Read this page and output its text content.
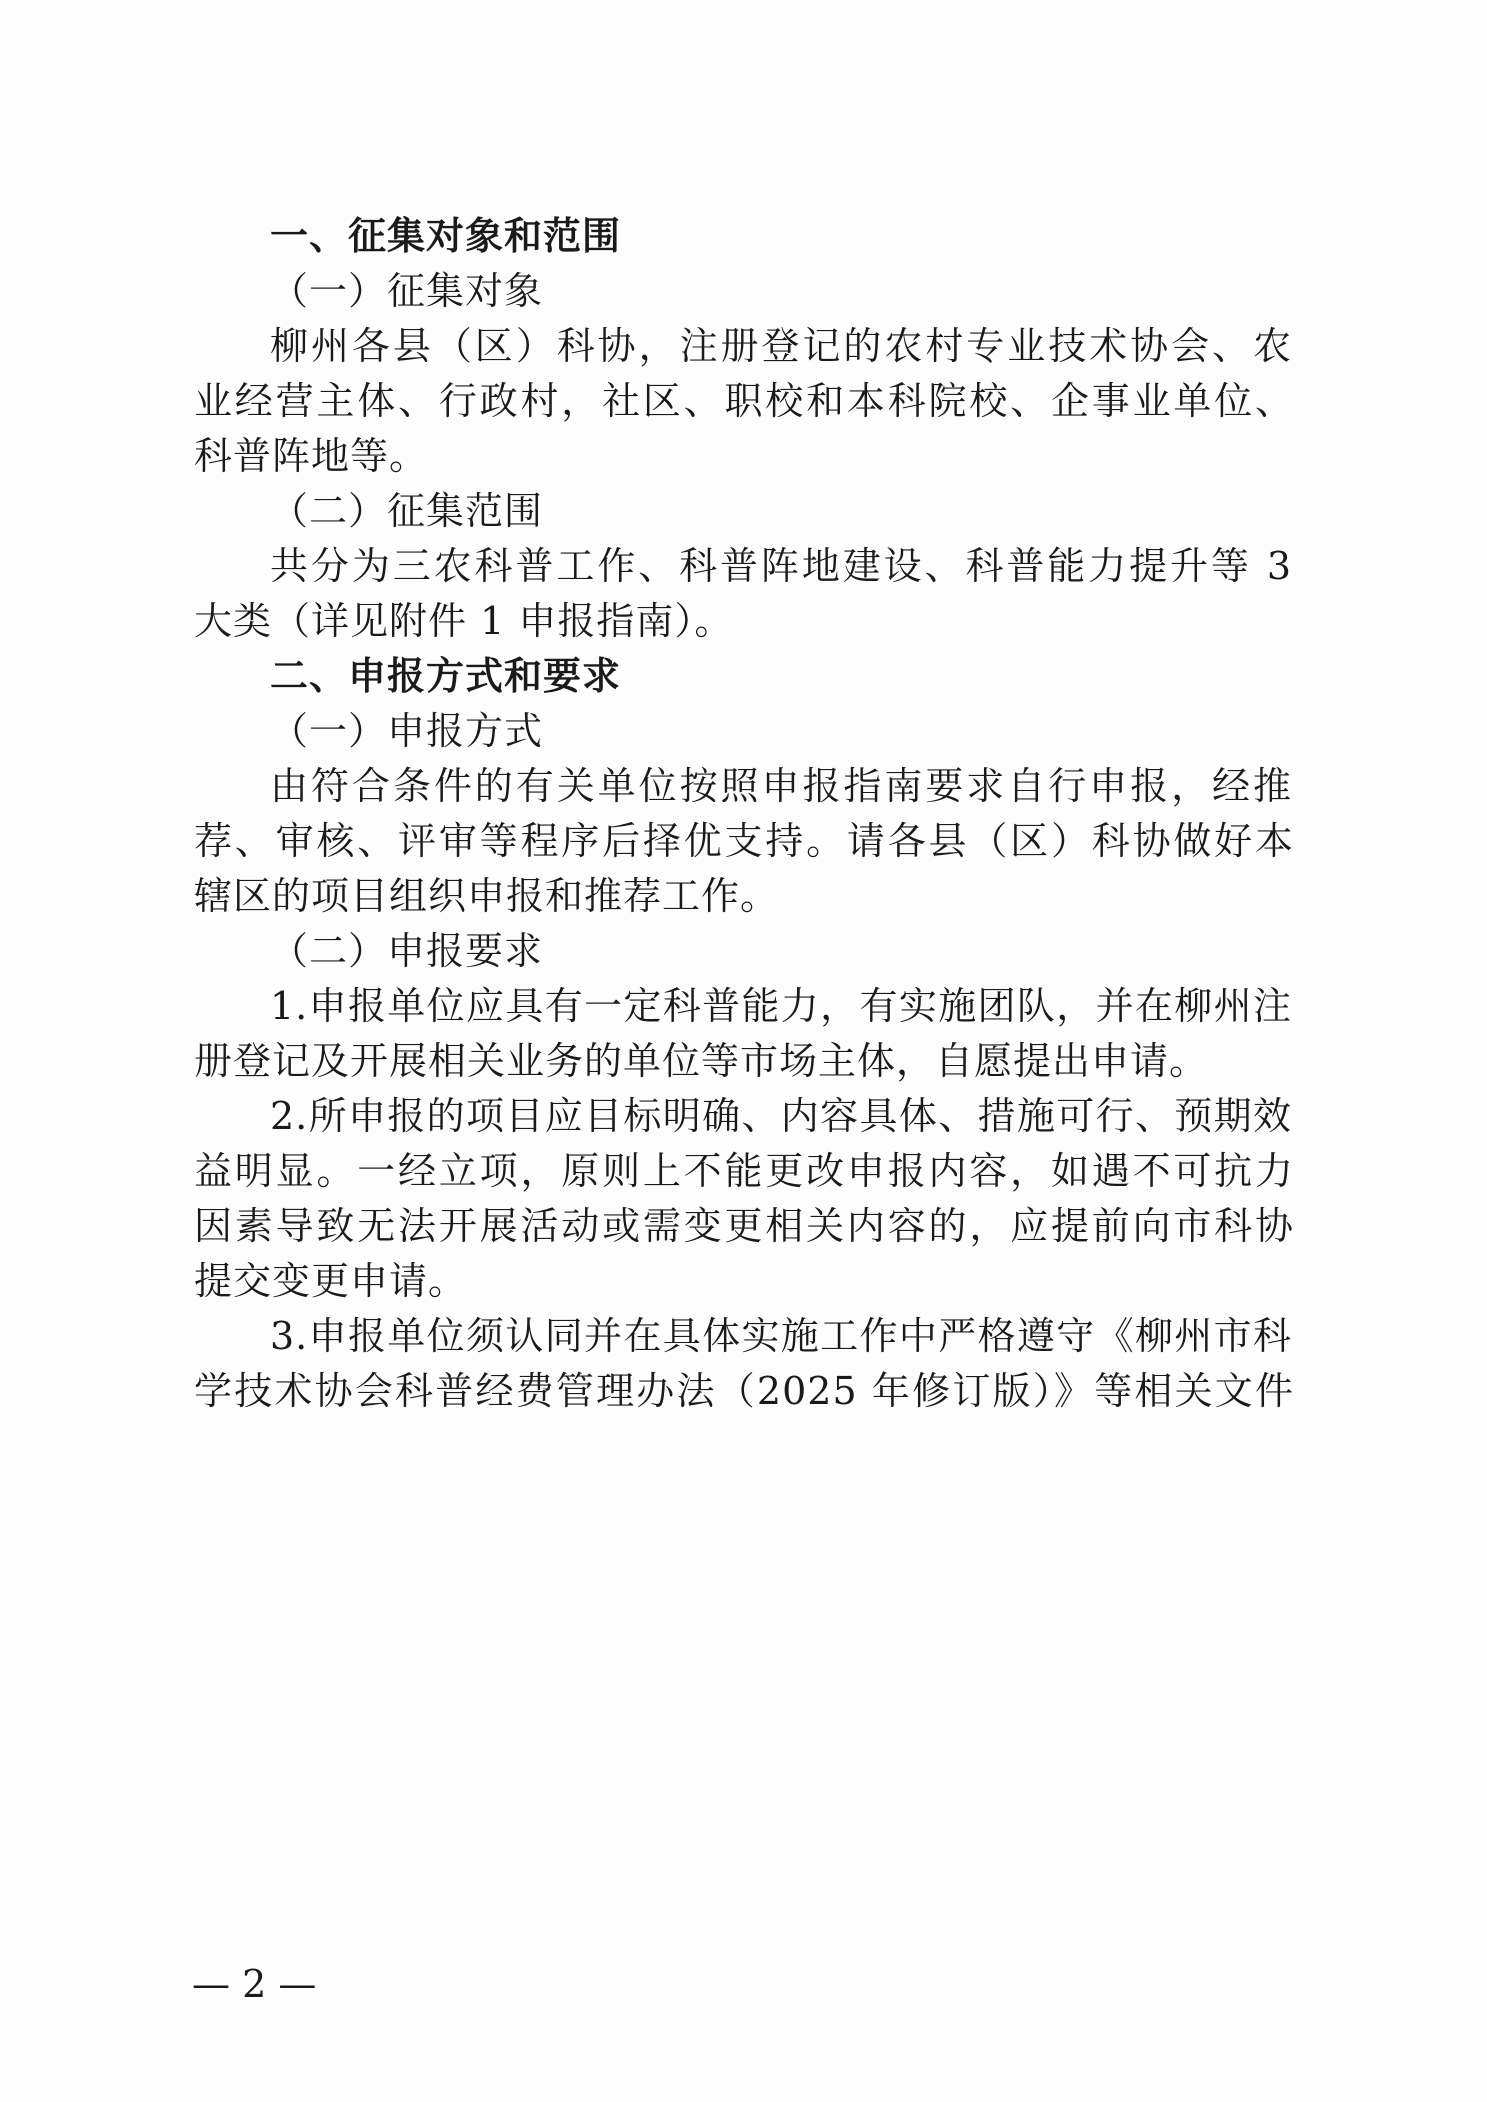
一、征集对象和范围
（一）征集对象
柳州各县（区）科协，注册登记的农村专业技术协会、农
业经营主体、行政村，社区、职校和本科院校、企事业单位、
科普阵地等。
（二）征集范围
共分为三农科普工作、科普阵地建设、科普能力提升等 3
大类（详见附件 1 申报指南）。
二、申报方式和要求
（一）申报方式
由符合条件的有关单位按照申报指南要求自行申报，经推
荐、审核、评审等程序后择优支持。请各县（区）科协做好本
辖区的项目组织申报和推荐工作。
（二）申报要求
1.申报单位应具有一定科普能力，有实施团队，并在柳州注
册登记及开展相关业务的单位等市场主体，自愿提出申请。
2.所申报的项目应目标明确、内容具体、措施可行、预期效
益明显。一经立项，原则上不能更改申报内容，如遇不可抗力
因素导致无法开展活动或需变更相关内容的，应提前向市科协
提交变更申请。
3.申报单位须认同并在具体实施工作中严格遵守《柳州市科
学技术协会科普经费管理办法（2025 年修订版）》等相关文件
— 2 —
